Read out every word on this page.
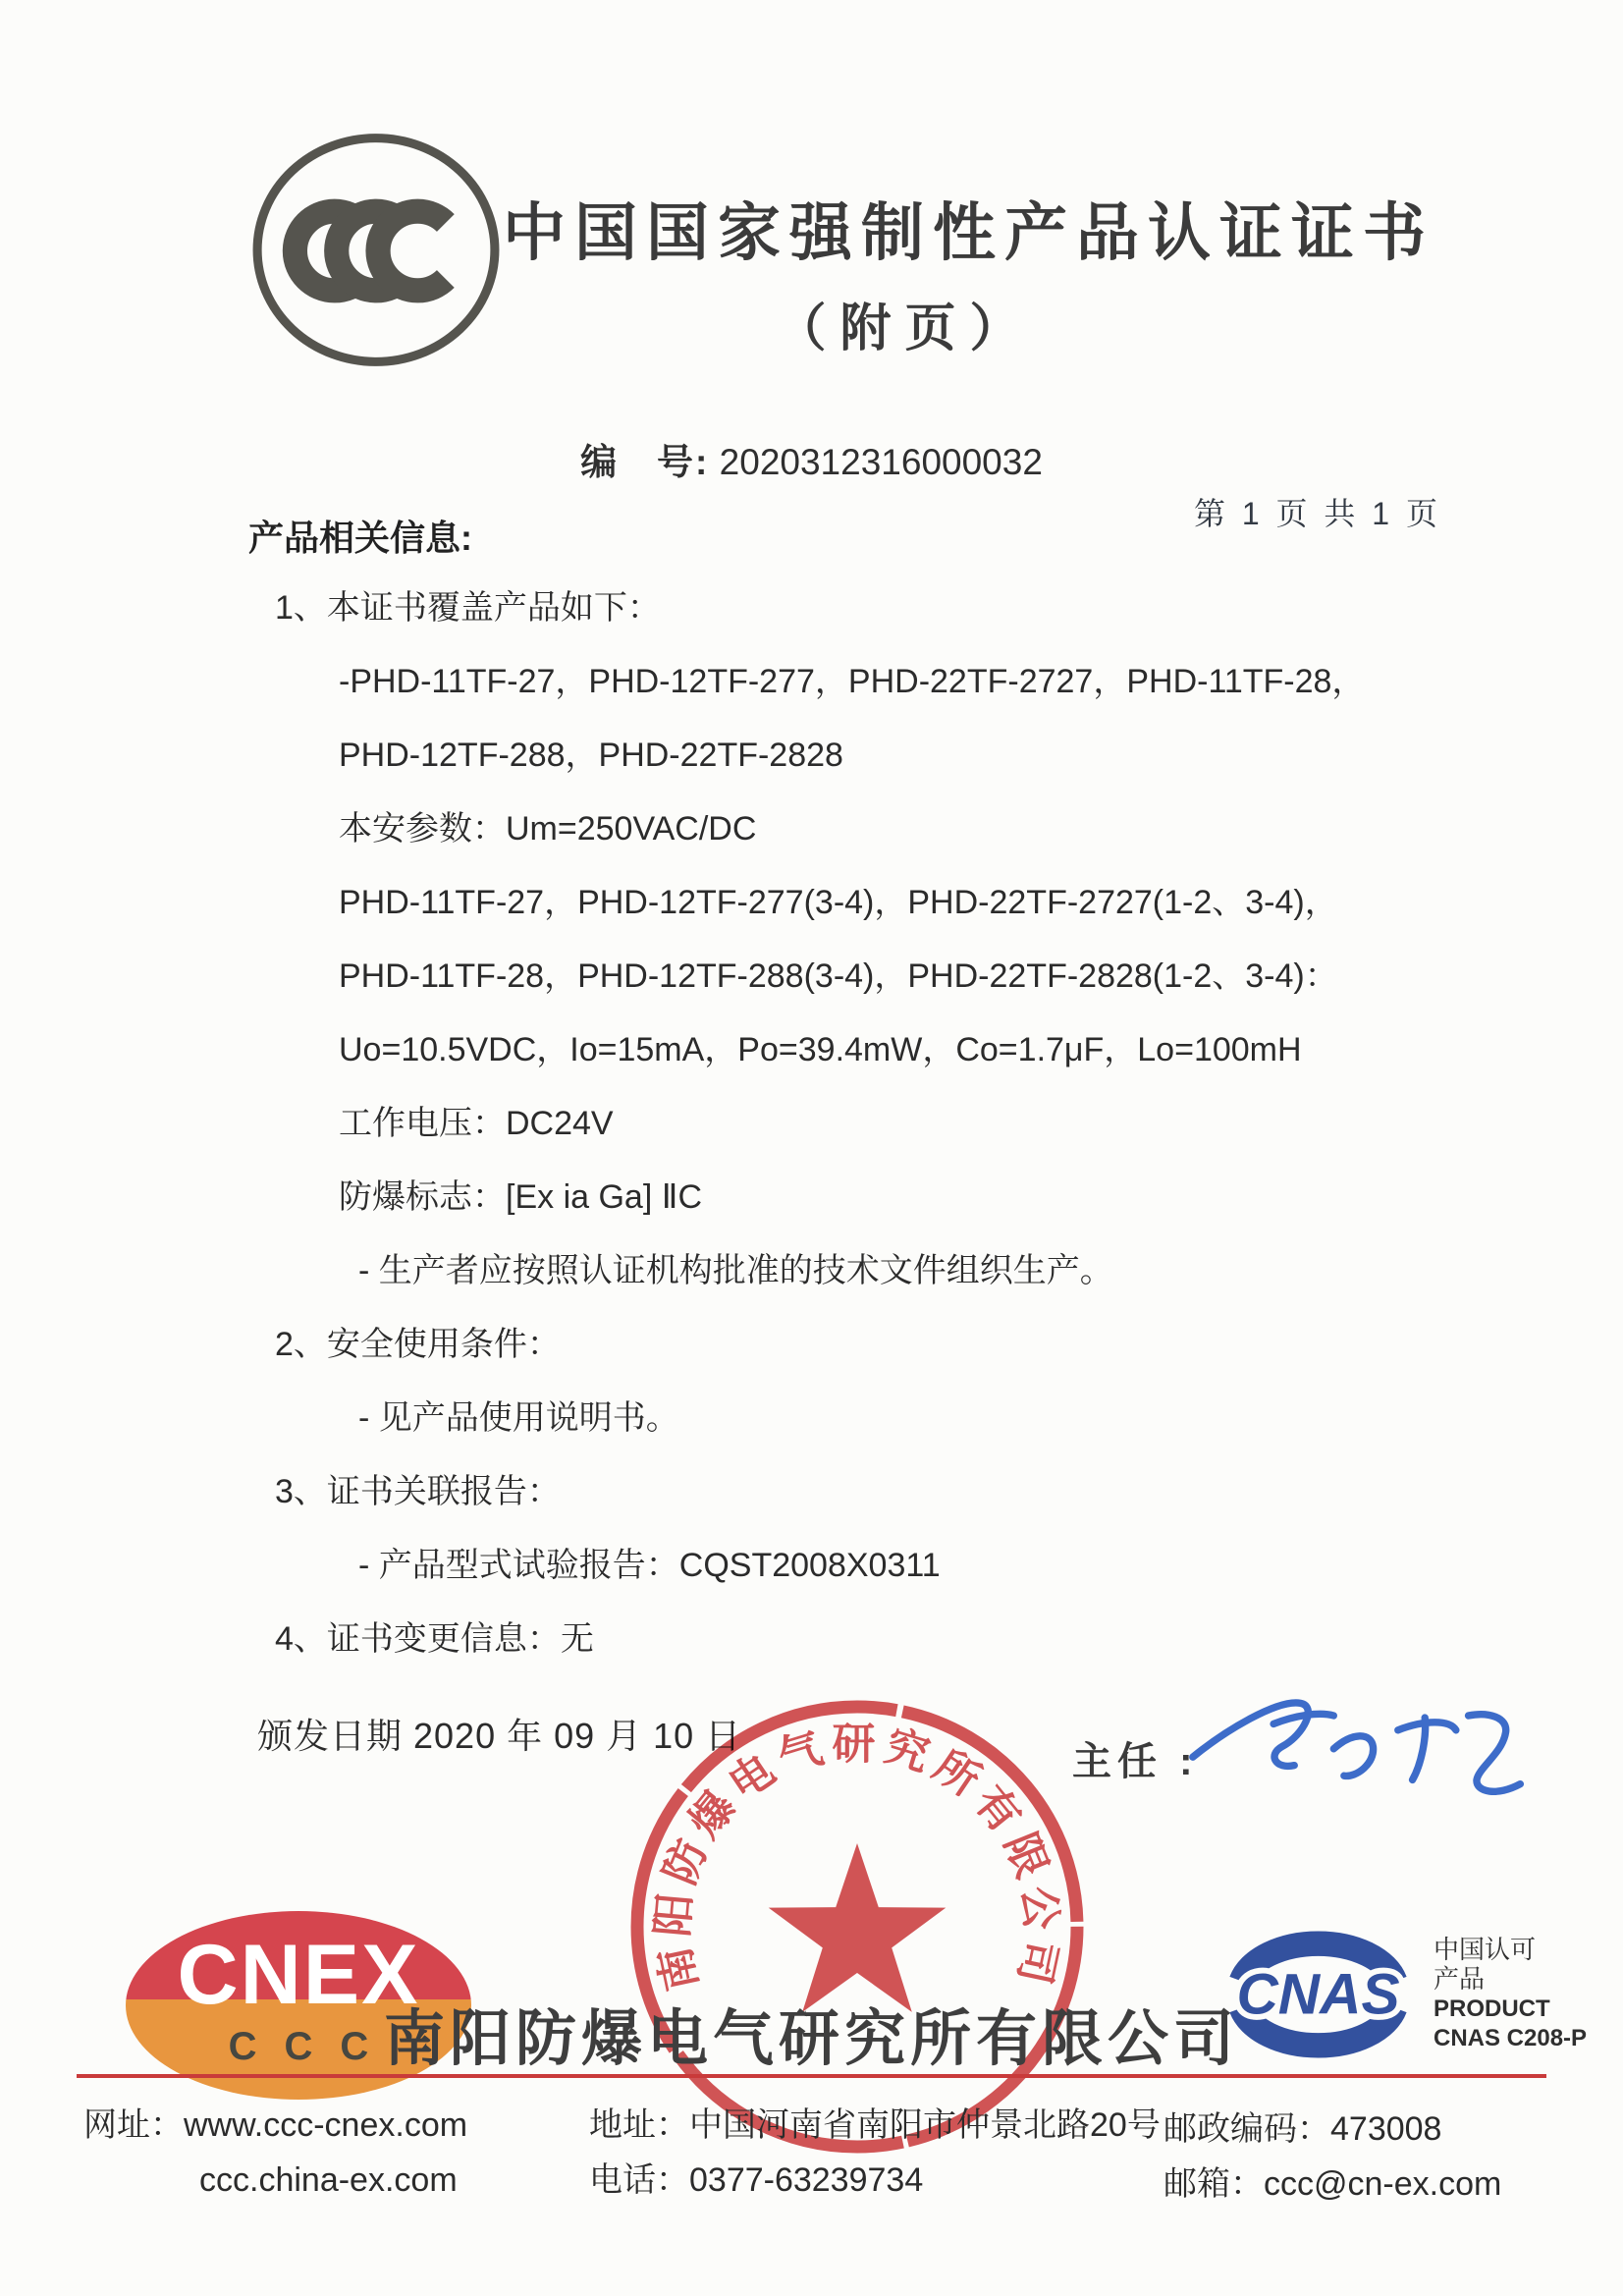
中国国家强制性产品认证证书
（附页）
编　号: 2020312316000032
第 1 页 共 1 页
产品相关信息:
1、本证书覆盖产品如下：
-PHD-11TF-27，PHD-12TF-277，PHD-22TF-2727，PHD-11TF-28，
PHD-12TF-288，PHD-22TF-2828
本安参数：Um=250VAC/DC
PHD-11TF-27，PHD-12TF-277(3-4)，PHD-22TF-2727(1-2、3-4)，
PHD-11TF-28，PHD-12TF-288(3-4)，PHD-22TF-2828(1-2、3-4)：
Uo=10.5VDC，Io=15mA，Po=39.4mW，Co=1.7μF，Lo=100mH
工作电压：DC24V
防爆标志：[Ex ia Ga] ⅡC
- 生产者应按照认证机构批准的技术文件组织生产。
2、安全使用条件：
- 见产品使用说明书。
3、证书关联报告：
- 产品型式试验报告：CQST2008X0311
4、证书变更信息：无
颁发日期 2020 年 09 月 10 日
主任 :
南阳防爆电气研究所有限公司
CNEX
CCC
南阳防爆电气研究所有限公司
CNAS
中国认可
产品
PRODUCT
CNAS C208-P
网址：www.ccc-cnex.com
ccc.china-ex.com
地址：中国河南省南阳市仲景北路20号
电话：0377-63239734
邮政编码：473008
邮箱：ccc@cn-ex.com
